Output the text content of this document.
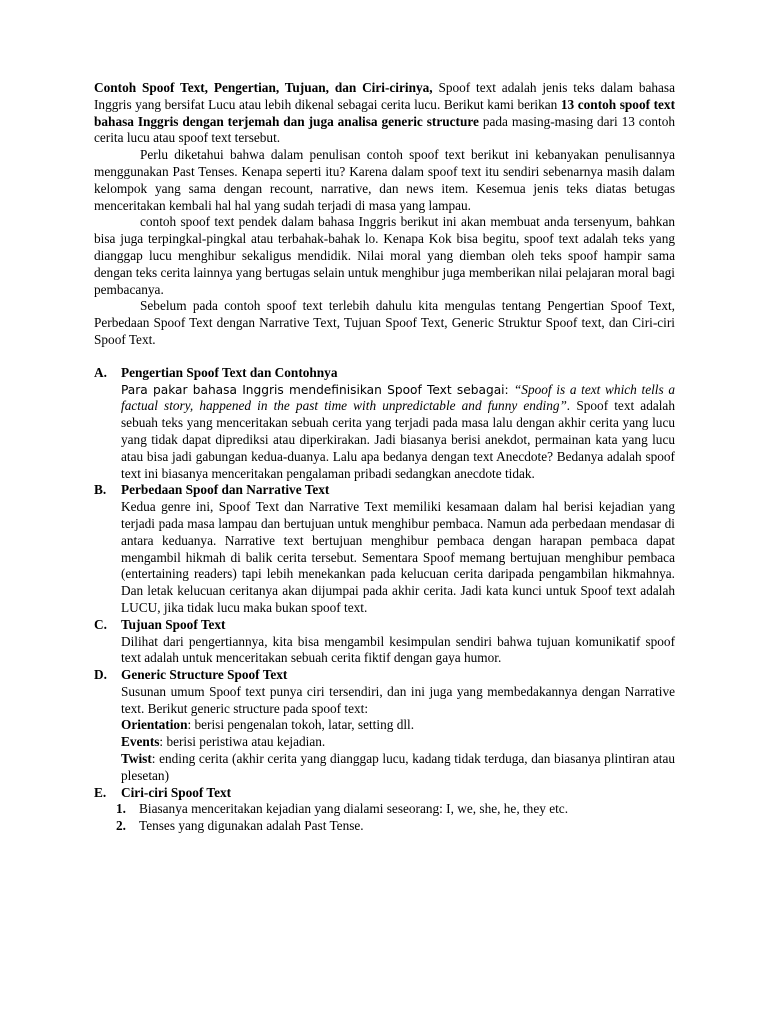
Contoh Spoof Text, Pengertian, Tujuan, dan Ciri-cirinya, Spoof text adalah jenis teks dalam bahasa Inggris yang bersifat Lucu atau lebih dikenal sebagai cerita lucu. Berikut kami berikan 13 contoh spoof text bahasa Inggris dengan terjemah dan juga analisa generic structure pada masing-masing dari 13 contoh cerita lucu atau spoof text tersebut.

Perlu diketahui bahwa dalam penulisan contoh spoof text berikut ini kebanyakan penulisannya menggunakan Past Tenses. Kenapa seperti itu? Karena dalam spoof text itu sendiri sebenarnya masih dalam kelompok yang sama dengan recount, narrative, dan news item. Kesemua jenis teks diatas betugas menceritakan kembali hal hal yang sudah terjadi di masa yang lampau.

contoh spoof text pendek dalam bahasa Inggris berikut ini akan membuat anda tersenyum, bahkan bisa juga terpingkal-pingkal atau terbahak-bahak lo. Kenapa Kok bisa begitu, spoof text adalah teks yang dianggap lucu menghibur sekaligus mendidik. Nilai moral yang diemban oleh teks spoof hampir sama dengan teks cerita lainnya yang bertugas selain untuk menghibur juga memberikan nilai pelajaran moral bagi pembacanya.

Sebelum pada contoh spoof text terlebih dahulu kita mengulas tentang Pengertian Spoof Text, Perbedaan Spoof Text dengan Narrative Text, Tujuan Spoof Text, Generic Struktur Spoof text, dan Ciri-ciri Spoof Text.

A. Pengertian Spoof Text dan Contohnya

Para pakar bahasa Inggris mendefinisikan Spoof Text sebagai: “Spoof is a text which tells a factual story, happened in the past time with unpredictable and funny ending”. Spoof text adalah sebuah teks yang menceritakan sebuah cerita yang terjadi pada masa lalu dengan akhir cerita yang lucu yang tidak dapat diprediksi atau diperkirakan. Jadi biasanya berisi anekdot, permainan kata yang lucu atau bisa jadi gabungan kedua-duanya. Lalu apa bedanya dengan text Anecdote? Bedanya adalah spoof text ini biasanya menceritakan pengalaman pribadi sedangkan anecdote tidak.

B. Perbedaan Spoof dan Narrative Text

Kedua genre ini, Spoof Text dan Narrative Text memiliki kesamaan dalam hal berisi kejadian yang terjadi pada masa lampau dan bertujuan untuk menghibur pembaca. Namun ada perbedaan mendasar di antara keduanya. Narrative text bertujuan menghibur pembaca dengan harapan pembaca dapat mengambil hikmah di balik cerita tersebut. Sementara Spoof memang bertujuan menghibur pembaca (entertaining readers) tapi lebih menekankan pada kelucuan cerita daripada pengambilan hikmahnya. Dan letak kelucuan ceritanya akan dijumpai pada akhir cerita. Jadi kata kunci untuk Spoof text adalah LUCU, jika tidak lucu maka bukan spoof text.

C. Tujuan Spoof Text

Dilihat dari pengertiannya, kita bisa mengambil kesimpulan sendiri bahwa tujuan komunikatif spoof text adalah untuk menceritakan sebuah cerita fiktif dengan gaya humor.

D. Generic Structure Spoof Text

Susunan umum Spoof text punya ciri tersendiri, dan ini juga yang membedakannya dengan Narrative text. Berikut generic structure pada spoof text:

Orientation: berisi pengenalan tokoh, latar, setting dll.

Events: berisi peristiwa atau kejadian.

Twist: ending cerita (akhir cerita yang dianggap lucu, kadang tidak terduga, dan biasanya plintiran atau plesetan)

E. Ciri-ciri Spoof Text
1. Biasanya menceritakan kejadian yang dialami seseorang: I, we, she, he, they etc.
2. Tenses yang digunakan adalah Past Tense.
